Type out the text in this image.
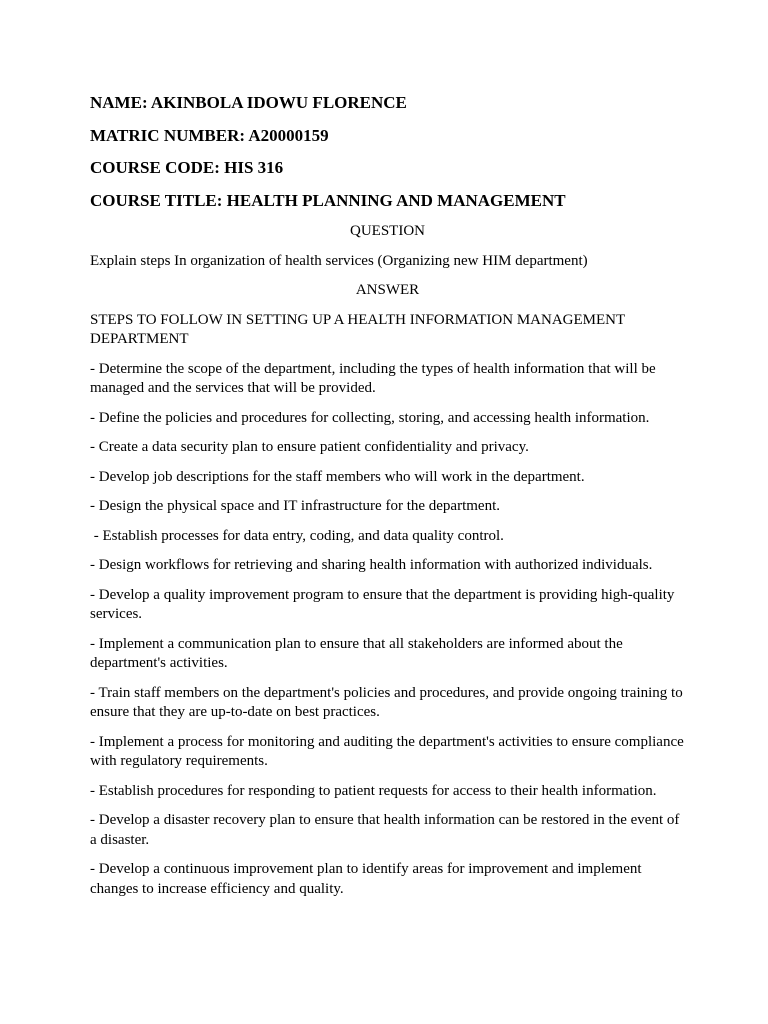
NAME: AKINBOLA IDOWU FLORENCE
MATRIC NUMBER: A20000159
COURSE CODE: HIS 316
COURSE TITLE: HEALTH PLANNING AND MANAGEMENT
QUESTION
Explain steps In organization of health services (Organizing new HIM department)
ANSWER
STEPS TO FOLLOW IN SETTING UP A HEALTH INFORMATION MANAGEMENT DEPARTMENT
- Determine the scope of the department, including the types of health information that will be managed and the services that will be provided.
- Define the policies and procedures for collecting, storing, and accessing health information.
- Create a data security plan to ensure patient confidentiality and privacy.
- Develop job descriptions for the staff members who will work in the department.
- Design the physical space and IT infrastructure for the department.
- Establish processes for data entry, coding, and data quality control.
- Design workflows for retrieving and sharing health information with authorized individuals.
- Develop a quality improvement program to ensure that the department is providing high-quality services.
- Implement a communication plan to ensure that all stakeholders are informed about the department's activities.
- Train staff members on the department's policies and procedures, and provide ongoing training to ensure that they are up-to-date on best practices.
- Implement a process for monitoring and auditing the department's activities to ensure compliance with regulatory requirements.
- Establish procedures for responding to patient requests for access to their health information.
- Develop a disaster recovery plan to ensure that health information can be restored in the event of a disaster.
- Develop a continuous improvement plan to identify areas for improvement and implement changes to increase efficiency and quality.
